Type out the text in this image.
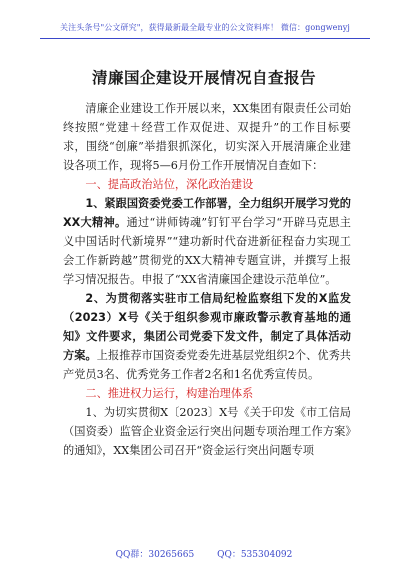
关注头条号"公文研究"，获得最新最全最专业的公文资料库！ 微信：gongwenyj
清廉国企建设开展情况自查报告

清廉企业建设工作开展以来，XX集团有限责任公司始终按照“党建＋经营工作双促进、双提升”的工作目标要求，围绕“创廉”举措狠抓深化，切实深入开展清廉企业建设各项工作，现将5—6月份工作开展情况自查如下：

一、提高政治站位，深化政治建设

1、紧跟国资委党委工作部署，全力组织开展学习党的XX大精神。通过“讲师铸魂”钉钉平台学习“开辟马克思主义中国话时代新境界”“建功新时代奋进新征程奋力实现工会工作新跨越”贯彻党的XX大精神专题宣讲，并撰写上报学习情况报告。申报了“XX省清廉国企建设示范单位”。

2、为贯彻落实驻市工信局纪检监察组下发的X监发（2023）X号《关于组织参观市廉政警示教育基地的通知》文件要求，集团公司党委下发文件，制定了具体活动方案。上报推荐市国资委党委先进基层党组织2个、优秀共产党员3名、优秀党务工作者2名和1名优秀宣传员。

二、推进权力运行，构建治理体系

1、为切实贯彻X〔2023〕X号《关于印发《市工信局（国资委）监管企业资金运行突出问题专项治理工作方案》的通知》，XX集团公司召开“资金运行突出问题专项

QQ群：30265665	QQ：535304092
